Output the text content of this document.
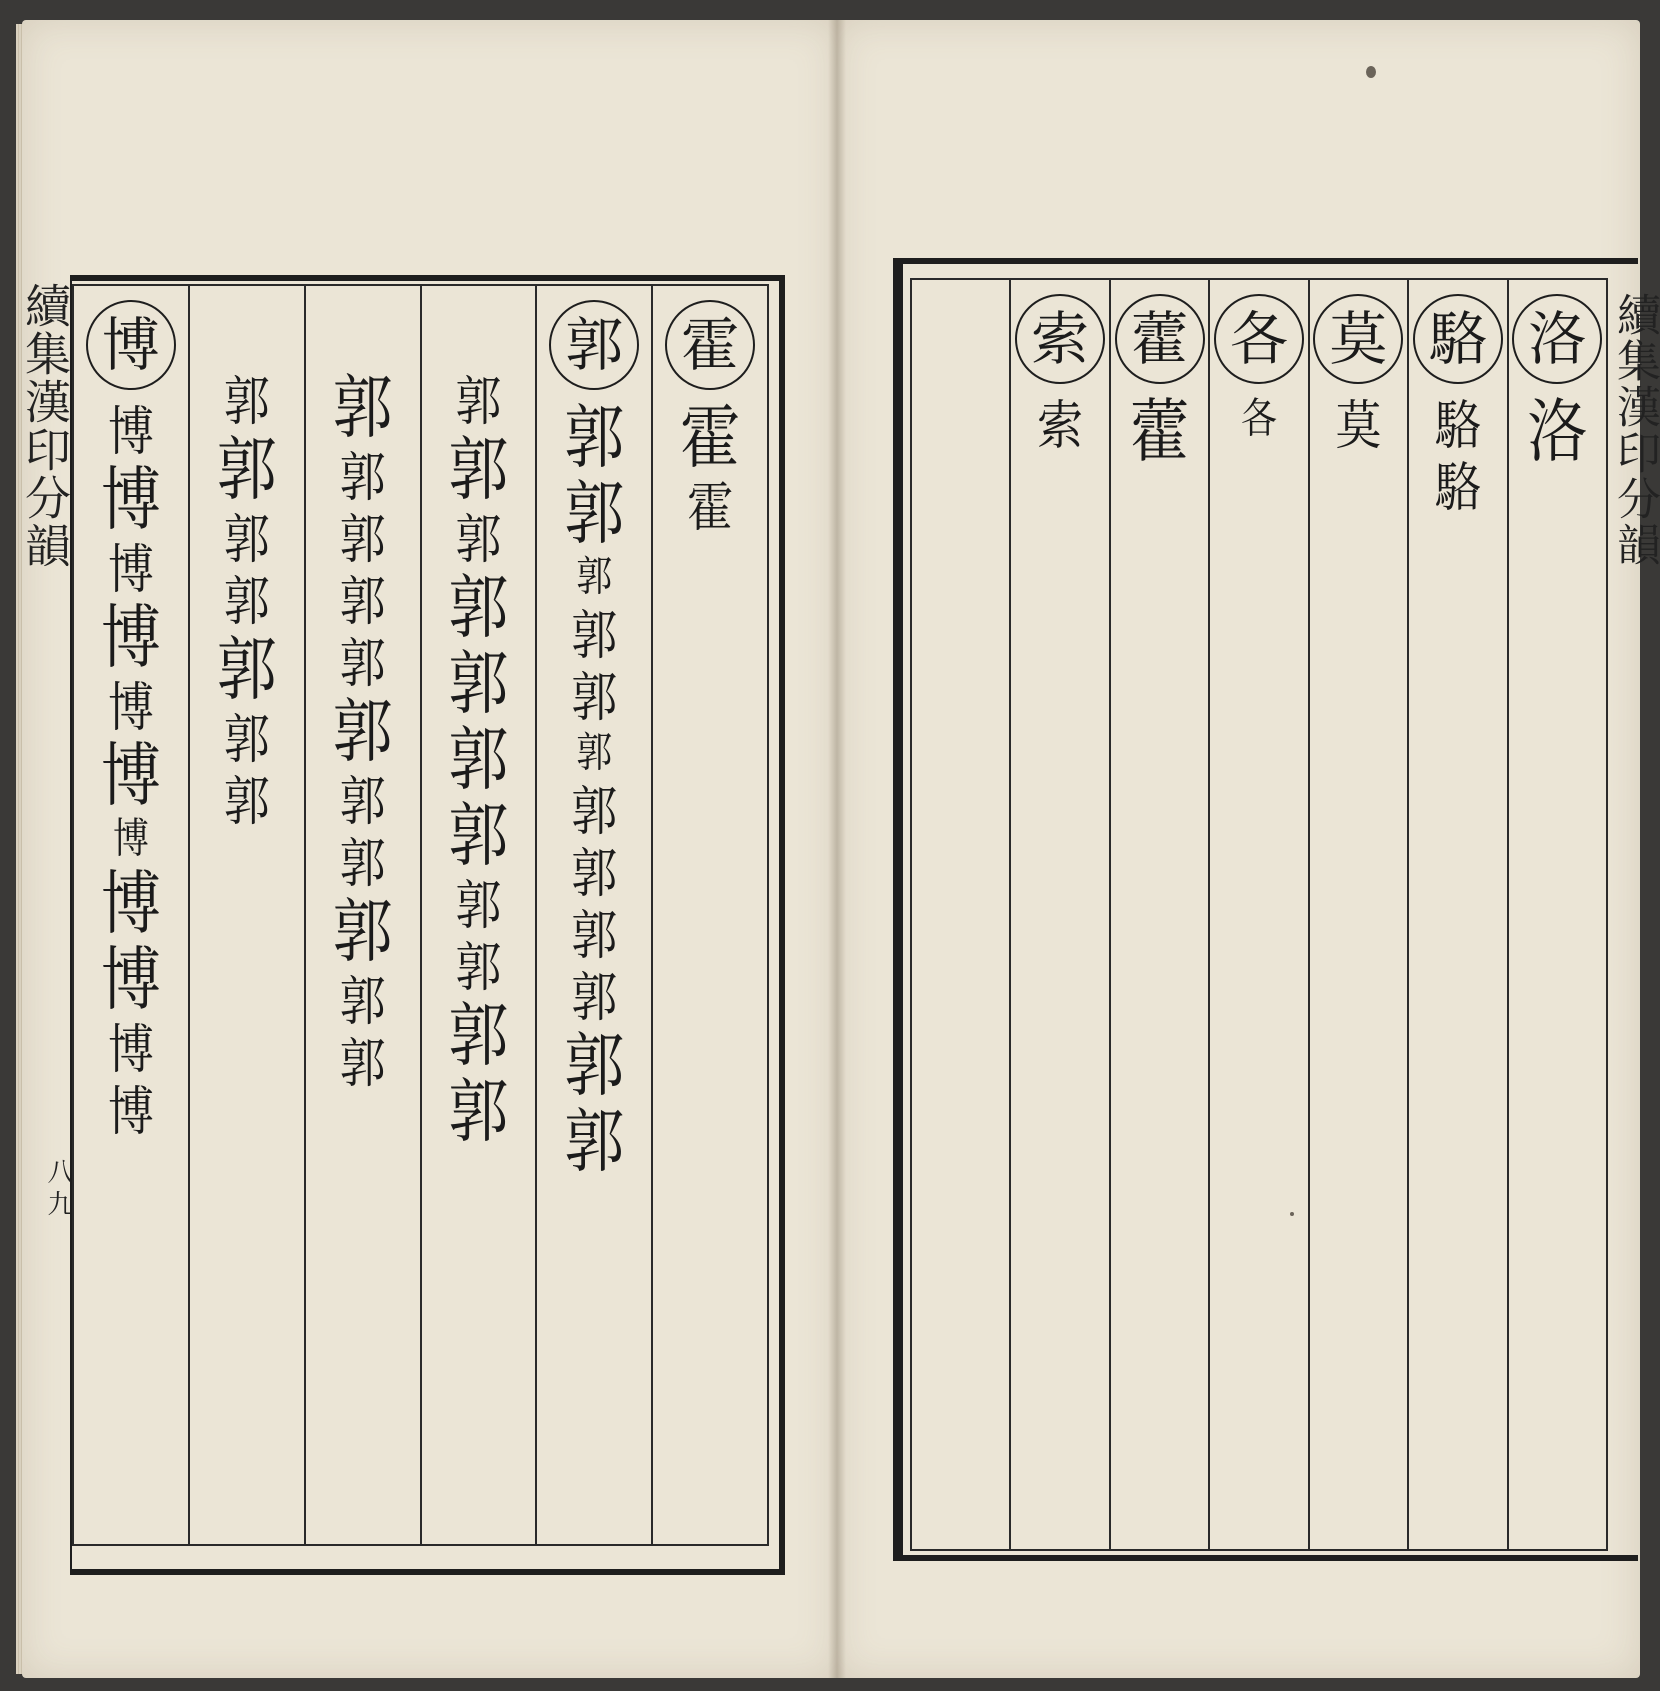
續集漢印分韻
八九
續集漢印分韻
霍
霍
霍
郭
郭
郭
郭
郭
郭
郭
郭
郭
郭
郭
郭
郭
郭
郭
郭
郭
郭
郭
郭
郭
郭
郭
郭
郭
郭
郭
郭
郭
郭
郭
郭
郭
郭
郭
郭
郭
郭
郭
郭
郭
郭
博
博
博
博
博
博
博
博
博
博
博
博
洛
洛
駱
駱
駱
莫
莫
各
各
藿
藿
索
索
